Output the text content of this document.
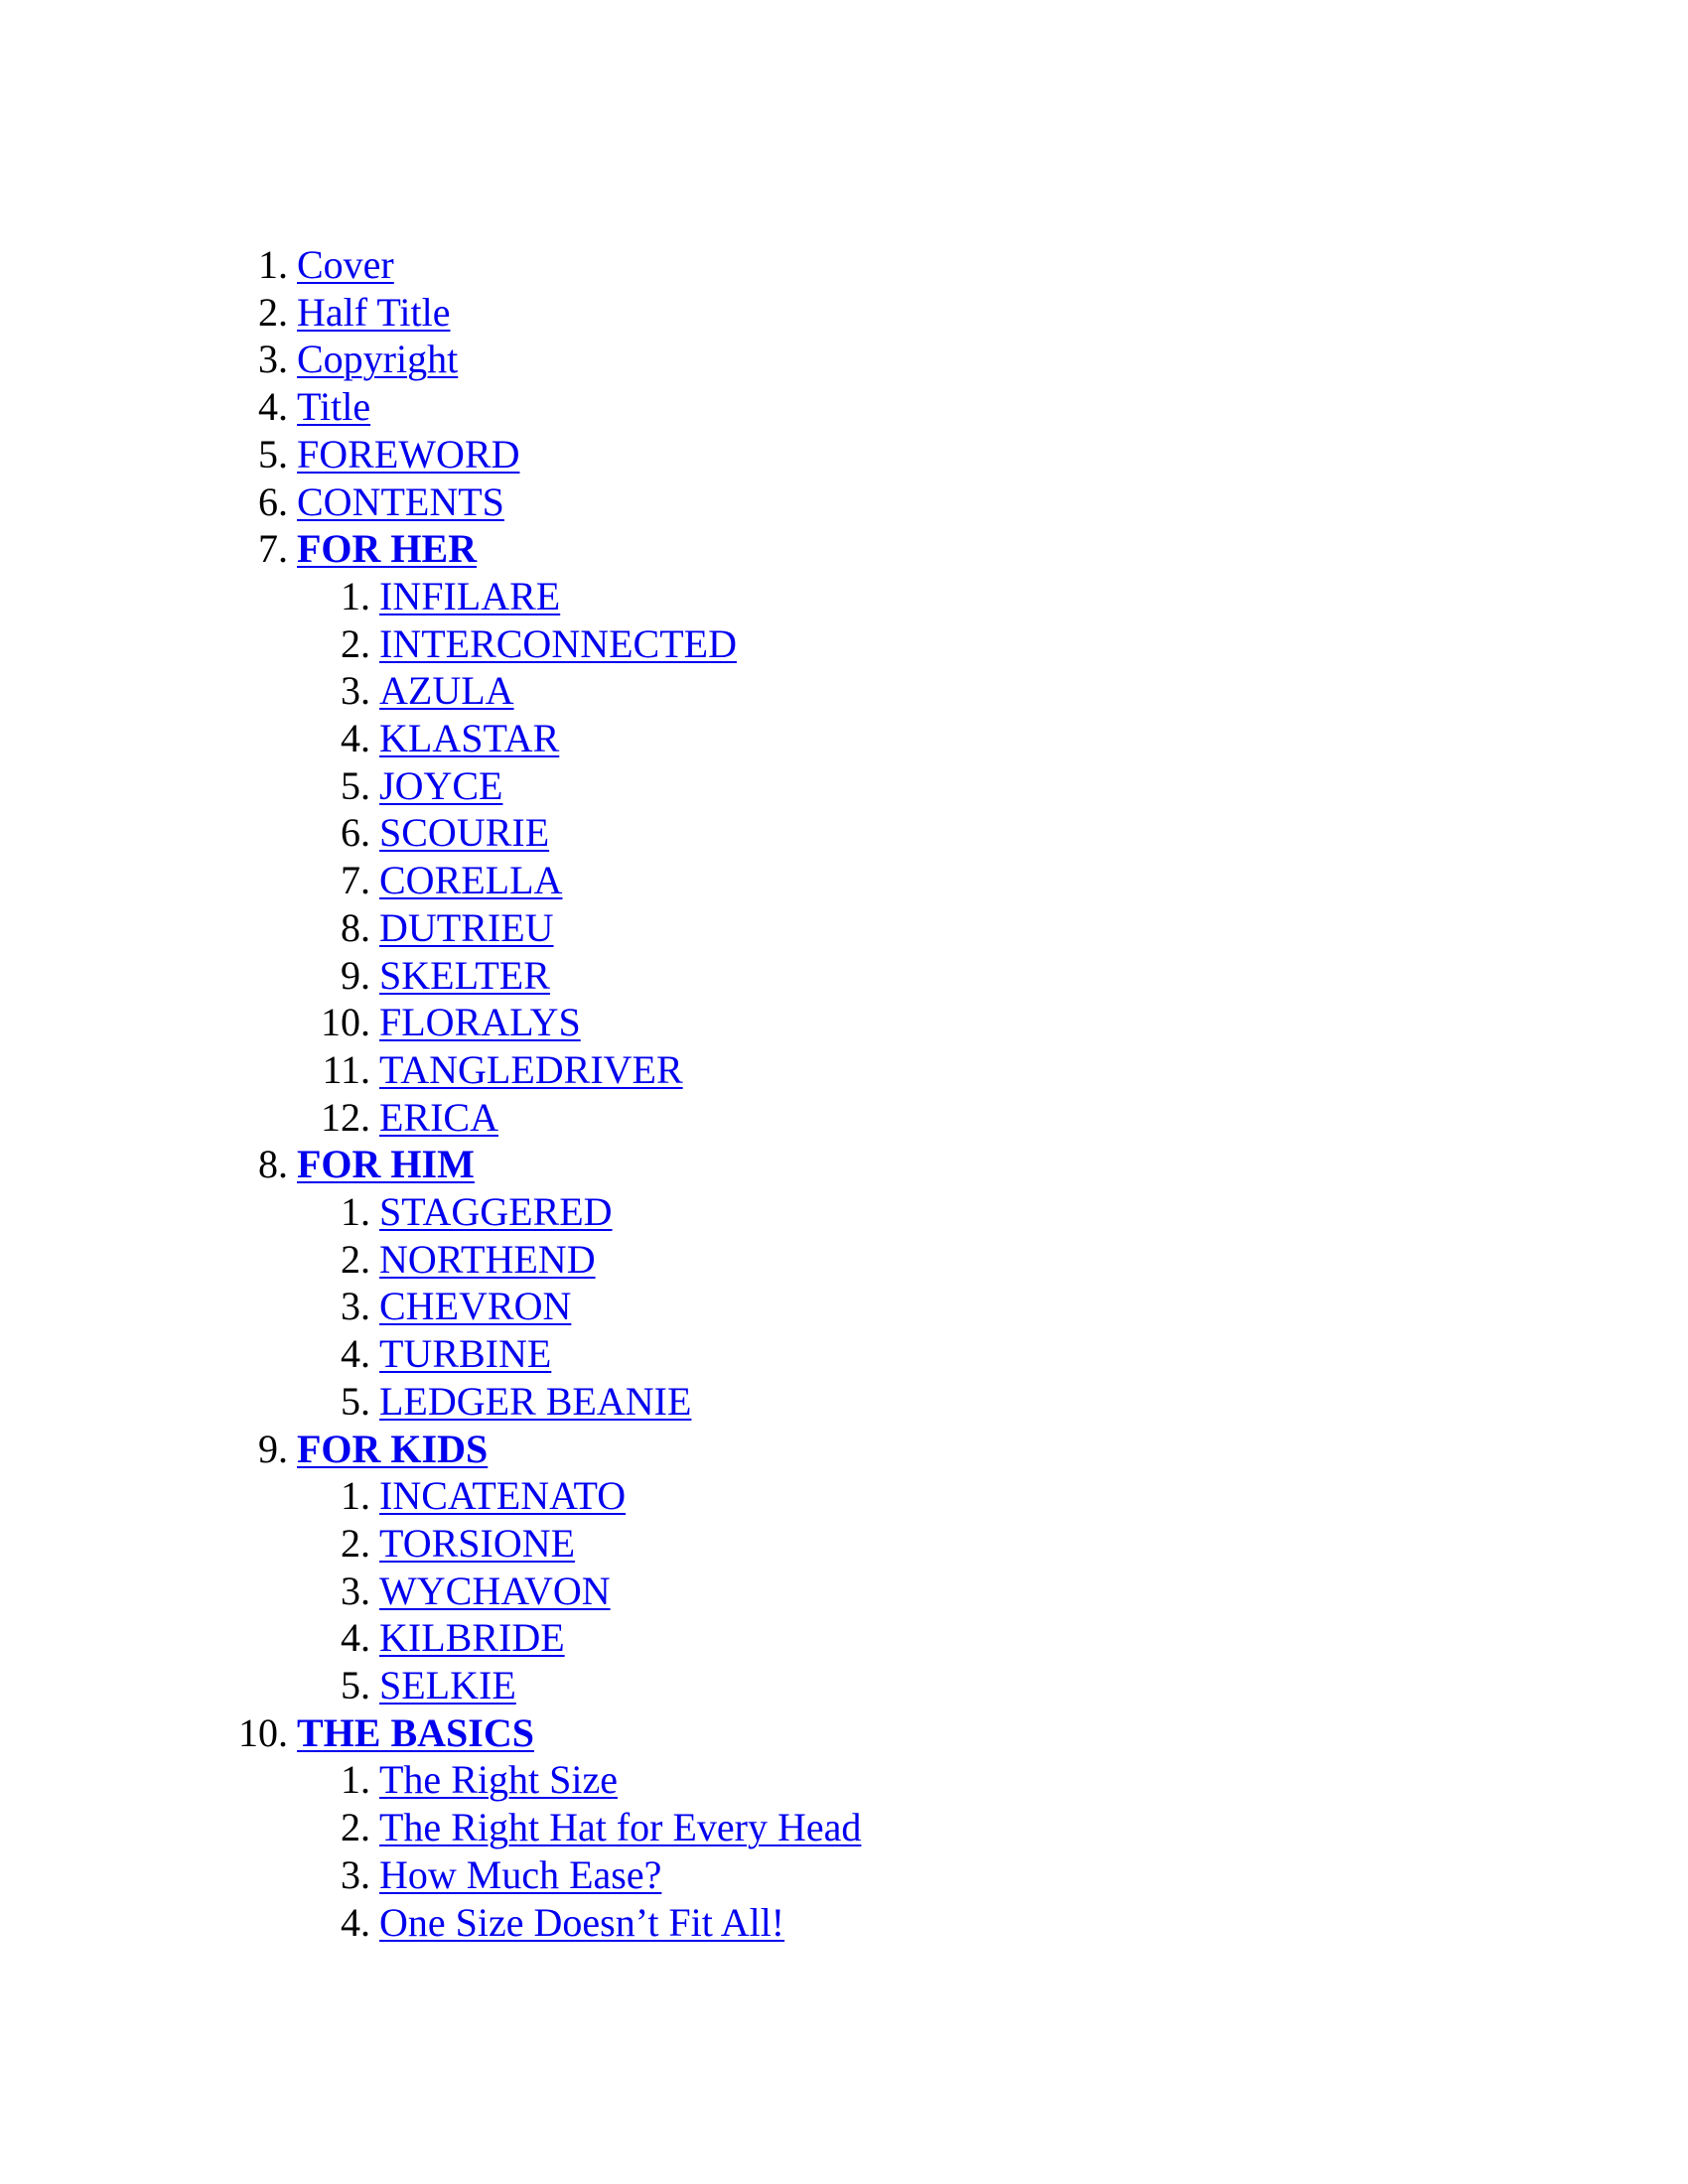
1. Cover
2. Half Title
3. Copyright
4. Title
5. FOREWORD
6. CONTENTS
7. FOR HER
1. INFILARE
2. INTERCONNECTED
3. AZULA
4. KLASTAR
5. JOYCE
6. SCOURIE
7. CORELLA
8. DUTRIEU
9. SKELTER
10. FLORALYS
11. TANGLEDRIVER
12. ERICA
8. FOR HIM
1. STAGGERED
2. NORTHEND
3. CHEVRON
4. TURBINE
5. LEDGER BEANIE
9. FOR KIDS
1. INCATENATO
2. TORSIONE
3. WYCHAVON
4. KILBRIDE
5. SELKIE
10. THE BASICS
1. The Right Size
2. The Right Hat for Every Head
3. How Much Ease?
4. One Size Doesn’t Fit All!
